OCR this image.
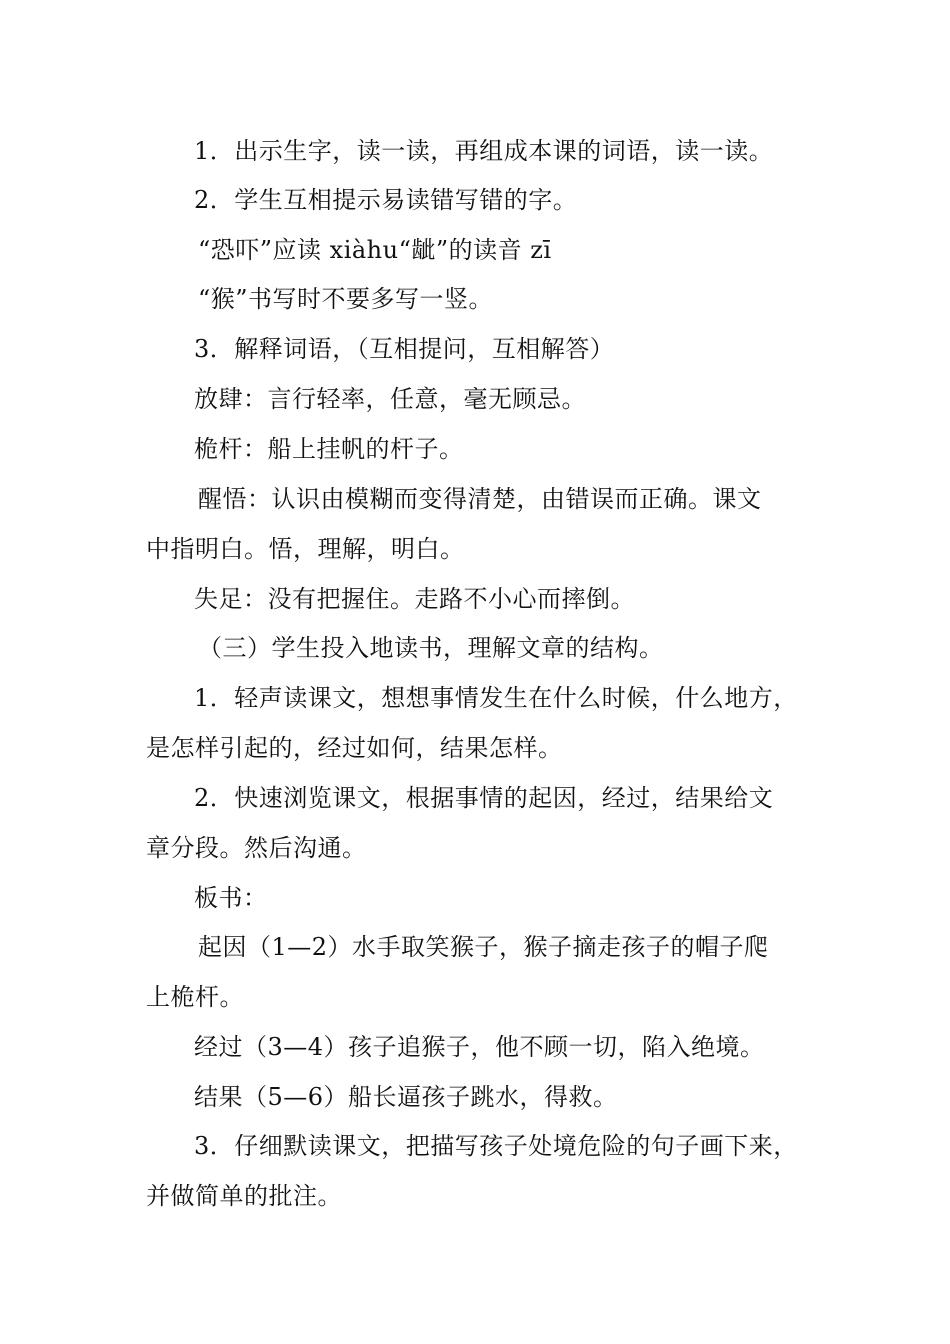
1．出示生字，读一读，再组成本课的词语，读一读。
2．学生互相提示易读错写错的字。
“恐吓”应读 xiàhu“龇”的读音 zī
“猴”书写时不要多写一竖。
3．解释词语，（互相提问，互相解答）
放肆：言行轻率，任意，毫无顾忌。
桅杆：船上挂帆的杆子。
醒悟：认识由模糊而变得清楚，由错误而正确。课文
中指明白。悟，理解，明白。
失足：没有把握住。走路不小心而摔倒。
（三）学生投入地读书，理解文章的结构。
1．轻声读课文，想想事情发生在什么时候，什么地方，
是怎样引起的，经过如何，结果怎样。
2．快速浏览课文，根据事情的起因，经过，结果给文
章分段。然后沟通。
板书：
起因（1—2）水手取笑猴子，猴子摘走孩子的帽子爬
上桅杆。
经过（3—4）孩子追猴子，他不顾一切，陷入绝境。
结果（5—6）船长逼孩子跳水，得救。
3．仔细默读课文，把描写孩子处境危险的句子画下来，
并做简单的批注。
